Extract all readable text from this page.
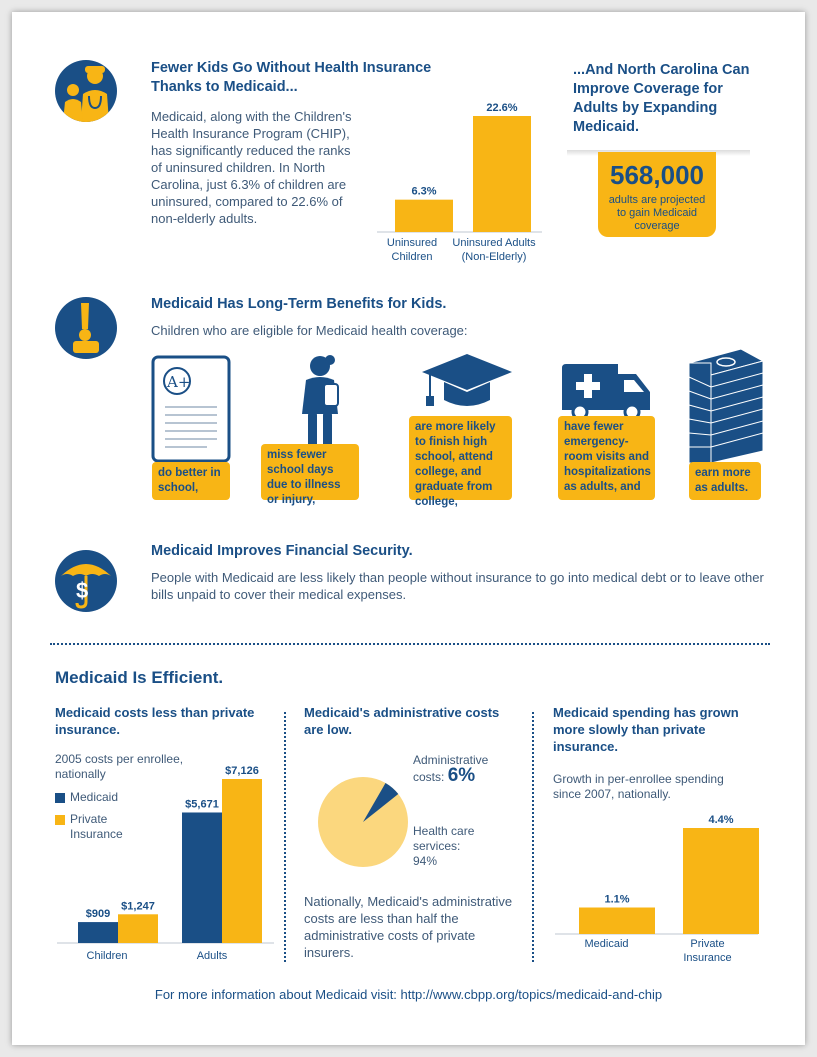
Fewer Kids Go Without Health Insurance Thanks to Medicaid...
Medicaid, along with the Children's Health Insurance Program (CHIP), has significantly reduced the ranks of uninsured children. In North Carolina, just 6.3% of children are uninsured, compared to 22.6% of non-elderly adults.
6.3%
22.6%
Uninsured
Children
Uninsured Adults
(Non-Elderly)
...And North Carolina Can Improve Coverage for Adults by Expanding Medicaid.
568,000
adults are projected to gain Medicaid coverage
Medicaid Has Long-Term Benefits for Kids.
Children who are eligible for Medicaid health coverage:
A+
do better in school,
miss fewer school days due to illness or injury,
are more likely to finish high school, attend college, and graduate from college,
have fewer emergency-room visits and hospitalizations as adults, and
earn more as adults.
$
Medicaid Improves Financial Security.
People with Medicaid are less likely than people without insurance to go into medical debt or to leave other bills unpaid to cover their medical expenses.
Medicaid Is Efficient.
Medicaid costs less than private insurance.
2005 costs per enrollee, nationally
Medicaid
Private
Insurance
$909
$5,671
$1,247
$7,126
Children	Adults
Medicaid's administrative costs are low.
Administrative costs: 6%
Health care services:
94%
Nationally, Medicaid's administrative costs are less than half the administrative costs of private insurers.
Medicaid spending has grown more slowly than private insurance.
Growth in per-enrollee spending since 2007, nationally.
1.1%
4.4%
Medicaid	Private
Insurance
For more information about Medicaid visit: http://www.cbpp.org/topics/medicaid-and-chip
